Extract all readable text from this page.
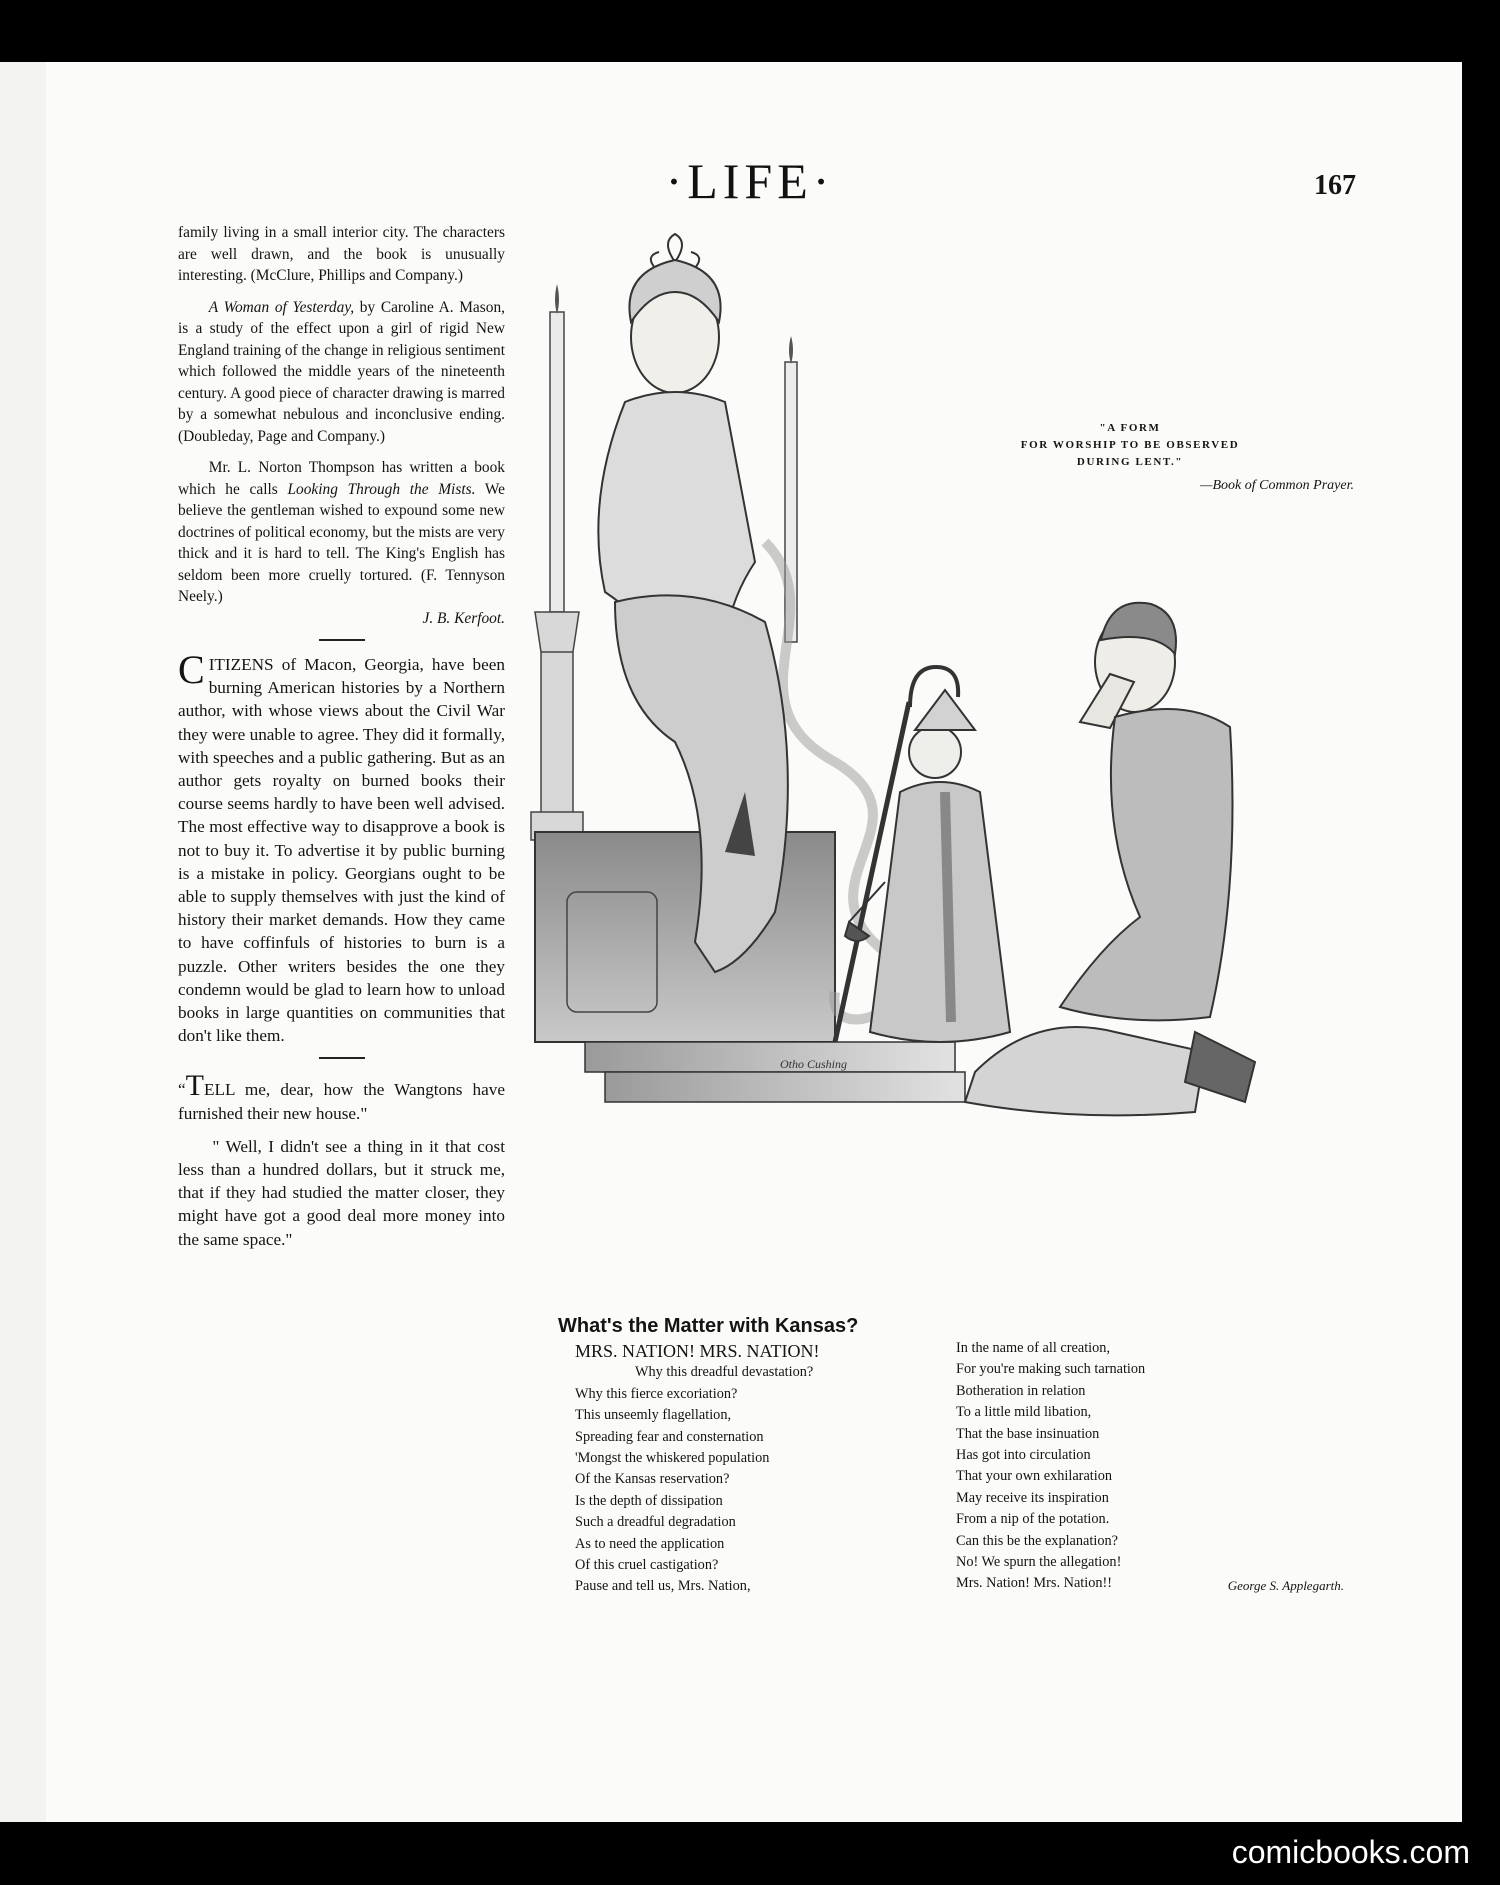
·LIFE·	167

family living in a small interior city. The characters are well drawn, and the book is unusually interesting. (McClure, Phillips and Company.)

A Woman of Yesterday, by Caroline A. Mason, is a study of the effect upon a girl of rigid New England training of the change in religious sentiment which followed the middle years of the nineteenth century. A good piece of character drawing is marred by a somewhat nebulous and inconclusive ending. (Doubleday, Page and Company.)

Mr. L. Norton Thompson has written a book which he calls Looking Through the Mists. We believe the gentleman wished to expound some new doctrines of political economy, but the mists are very thick and it is hard to tell. The King's English has seldom been more cruelly tortured. (F. Tennyson Neely.)
J. B. Kerfoot.

CITIZENS of Macon, Georgia, have been burning American histories by a Northern author, with whose views about the Civil War they were unable to agree. They did it formally, with speeches and a public gathering. But as an author gets royalty on burned books their course seems hardly to have been well advised. The most effective way to disapprove a book is not to buy it. To advertise it by public burning is a mistake in policy. Georgians ought to be able to supply themselves with just the kind of history their market demands. How they came to have coffinfuls of histories to burn is a puzzle. Other writers besides the one they condemn would be glad to learn how to unload books in large quantities on communities that don't like them.

“TELL me, dear, how the Wangtons have furnished their new house."

" Well, I didn't see a thing in it that cost less than a hundred dollars, but it struck me, that if they had studied the matter closer, they might have got a good deal more money into the same space."

"A FORM
FOR WORSHIP TO BE OBSERVED
DURING LENT."
—Book of Common Prayer.
Otho Cushing
What's the Matter with Kansas?
MRS. NATION! MRS. NATION!
Why this dreadful devastation?
Why this fierce excoriation?
This unseemly flagellation,
Spreading fear and consternation
'Mongst the whiskered population
Of the Kansas reservation?
Is the depth of dissipation
Such a dreadful degradation
As to need the application
Of this cruel castigation?
Pause and tell us, Mrs. Nation,
In the name of all creation,
For you're making such tarnation
Botheration in relation
To a little mild libation,
That the base insinuation
Has got into circulation
That your own exhilaration
May receive its inspiration
From a nip of the potation.
Can this be the explanation?
No! We spurn the allegation!
Mrs. Nation! Mrs. Nation!!	George S. Applegarth.
comicbooks.com
